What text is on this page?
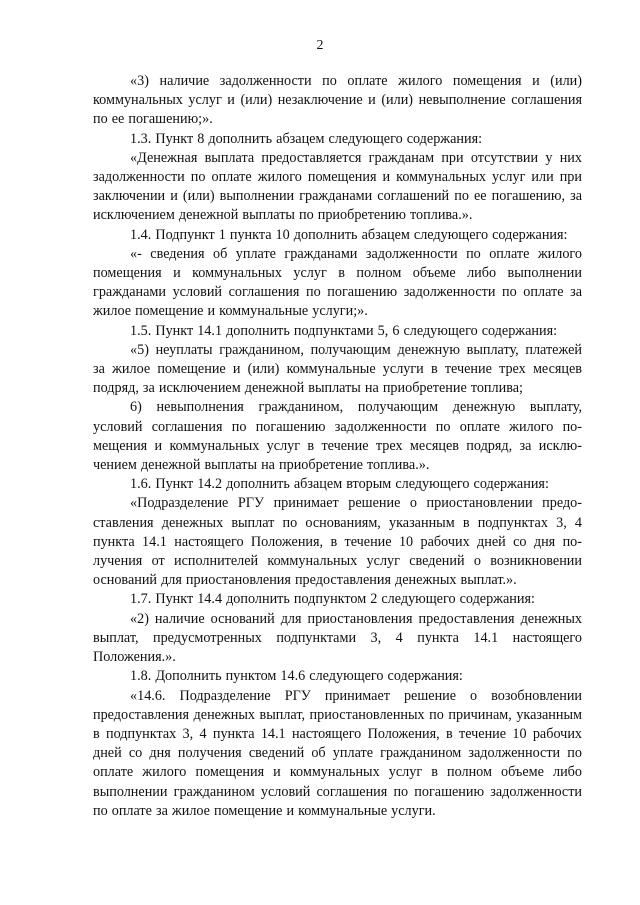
2

«3) наличие задолженности по оплате жилого помещения и (или) коммунальных услуг и (или) незаключение и (или) невыполнение соглашения по ее погашению;».

1.3. Пункт 8 дополнить абзацем следующего содержания:

«Денежная выплата предоставляется гражданам при отсутствии у них задолженности по оплате жилого помещения и коммунальных услуг или при заключении и (или) выполнении гражданами соглашений по ее погашению, за исключением денежной выплаты по приобретению топлива.».

1.4. Подпункт 1 пункта 10 дополнить абзацем следующего содержания:

«- сведения об уплате гражданами задолженности по оплате жилого помещения и коммунальных услуг в полном объеме либо выполнении гражданами условий соглашения по погашению задолженности по оплате за жилое помещение и коммунальные услуги;».

1.5. Пункт 14.1 дополнить подпунктами 5, 6 следующего содержания:

«5) неуплаты гражданином, получающим денежную выплату, платежей за жилое помещение и (или) коммунальные услуги в течение трех месяцев подряд, за исключением денежной выплаты на приобретение топлива;

6) невыполнения гражданином, получающим денежную выплату, условий соглашения по погашению задолженности по оплате жилого помещения и коммунальных услуг в течение трех месяцев подряд, за исключением денежной выплаты на приобретение топлива.».

1.6. Пункт 14.2 дополнить абзацем вторым следующего содержания:

«Подразделение РГУ принимает решение о приостановлении предоставления денежных выплат по основаниям, указанным в подпунктах 3, 4 пункта 14.1 настоящего Положения, в течение 10 рабочих дней со дня получения от исполнителей коммунальных услуг сведений о возникновении оснований для приостановления предоставления денежных выплат.».

1.7. Пункт 14.4 дополнить подпунктом 2 следующего содержания:

«2) наличие оснований для приостановления предоставления денежных выплат, предусмотренных подпунктами 3, 4 пункта 14.1 настоящего Положения.».

1.8. Дополнить пунктом 14.6 следующего содержания:

«14.6. Подразделение РГУ принимает решение о возобновлении предоставления денежных выплат, приостановленных по причинам, указанным в подпунктах 3, 4 пункта 14.1 настоящего Положения, в течение 10 рабочих дней со дня получения сведений об уплате гражданином задолженности по оплате жилого помещения и коммунальных услуг в полном объеме либо выполнении гражданином условий соглашения по погашению задолженности по оплате за жилое помещение и коммунальные услуги.
